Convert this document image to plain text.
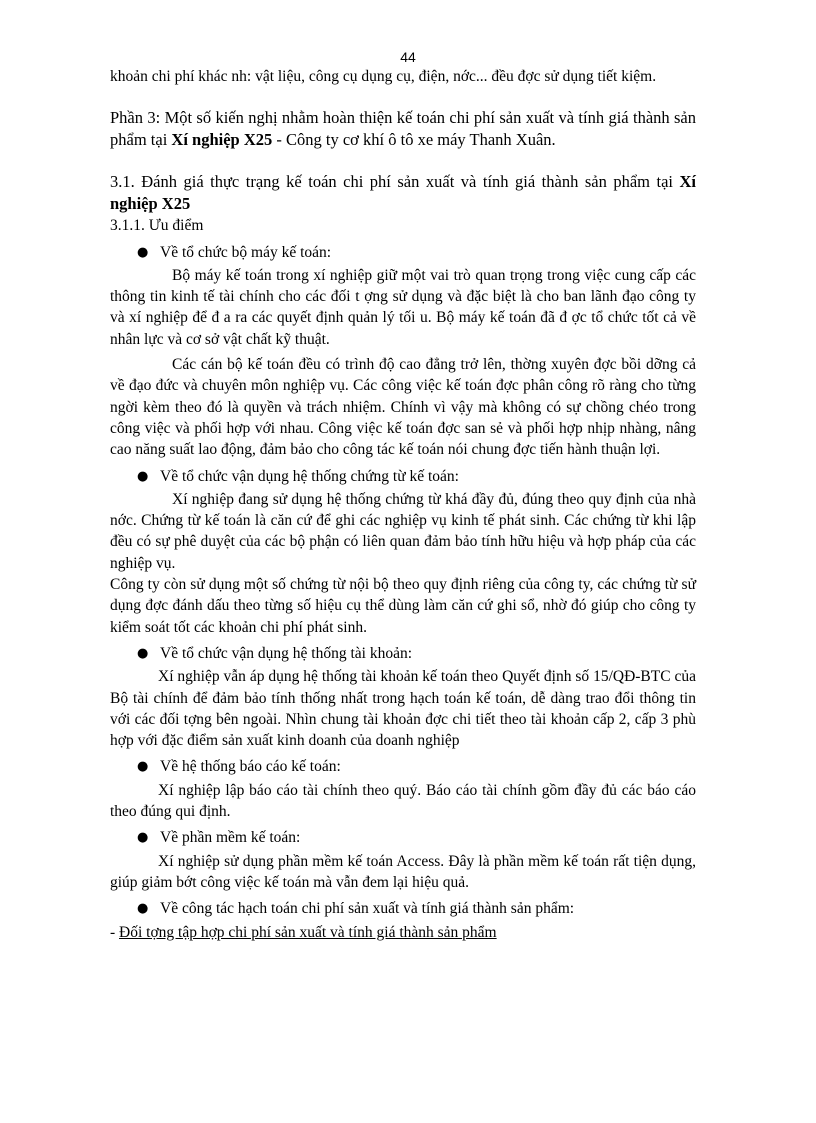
44

khoản chi phí khác nh: vật liệu, công cụ dụng cụ, điện, nớc... đều đợc sử dụng tiết kiệm.

Phần 3: Một số kiến nghị nhằm hoàn thiện kế toán chi phí sản xuất và tính giá thành sản phẩm tại Xí nghiệp X25 - Công ty cơ khí ô tô xe máy Thanh Xuân.

3.1. Đánh giá thực trạng kế toán chi phí sản xuất và tính giá thành sản phẩm tại Xí nghiệp X25

3.1.1. Ưu điểm

● Về tổ chức bộ máy kế toán:

Bộ máy kế toán trong xí nghiệp giữ một vai trò quan trọng trong việc cung cấp các thông tin kinh tế tài chính cho các đối t ợng sử dụng và đặc biệt là cho ban lãnh đạo công ty và xí nghiệp để đ a ra các quyết định quản lý tối u. Bộ máy kế toán đã đ ợc tổ chức tốt cả về nhân lực và cơ sở vật chất kỹ thuật.

Các cán bộ kế toán đều có trình độ cao đẳng trở lên, thờng xuyên đợc bồi dỡng cả về đạo đức và chuyên môn nghiệp vụ. Các công việc kế toán đợc phân công rõ ràng cho từng ngời kèm theo đó là quyền và trách nhiệm. Chính vì vậy mà không có sự chồng chéo trong công việc và phối hợp với nhau. Công việc kế toán đợc san sẻ và phối hợp nhịp nhàng, nâng cao năng suất lao động, đảm bảo cho công tác kế toán nói chung đợc tiến hành thuận lợi.

● Về tổ chức vận dụng hệ thống chứng từ kế toán:

Xí nghiệp đang sử dụng hệ thống chứng từ khá đầy đủ, đúng theo quy định của nhà nớc. Chứng từ kế toán là căn cứ để ghi các nghiệp vụ kinh tế phát sinh. Các chứng từ khi lập đều có sự phê duyệt của các bộ phận có liên quan đảm bảo tính hữu hiệu và hợp pháp của các nghiệp vụ.

Công ty còn sử dụng một số chứng từ nội bộ theo quy định riêng của công ty, các chứng từ sử dụng đợc đánh dấu theo từng số hiệu cụ thể dùng làm căn cứ ghi sổ, nhờ đó giúp cho công ty kiểm soát tốt các khoản chi phí phát sinh.

● Về tổ chức vận dụng hệ thống tài khoản:

Xí nghiệp vẫn áp dụng hệ thống tài khoản kế toán theo Quyết định số 15/QĐ-BTC của Bộ tài chính để đảm bảo tính thống nhất trong hạch toán kế toán, dễ dàng trao đổi thông tin với các đối tợng bên ngoài. Nhìn chung tài khoản đợc chi tiết theo tài khoản cấp 2, cấp 3 phù hợp với đặc điểm sản xuất kinh doanh của doanh nghiệp

● Về hệ thống báo cáo kế toán:

Xí nghiệp lập báo cáo tài chính theo quý. Báo cáo tài chính gồm đầy đủ các báo cáo theo đúng qui định.

● Về phần mềm kế toán:

Xí nghiệp sử dụng phần mềm kế toán Access. Đây là phần mềm kế toán rất tiện dụng, giúp giảm bớt công việc kế toán mà vẫn đem lại hiệu quả.

● Về công tác hạch toán chi phí sản xuất và tính giá thành sản phẩm:

- Đối tợng tập hợp chi phí sản xuất và tính giá thành sản phẩm
